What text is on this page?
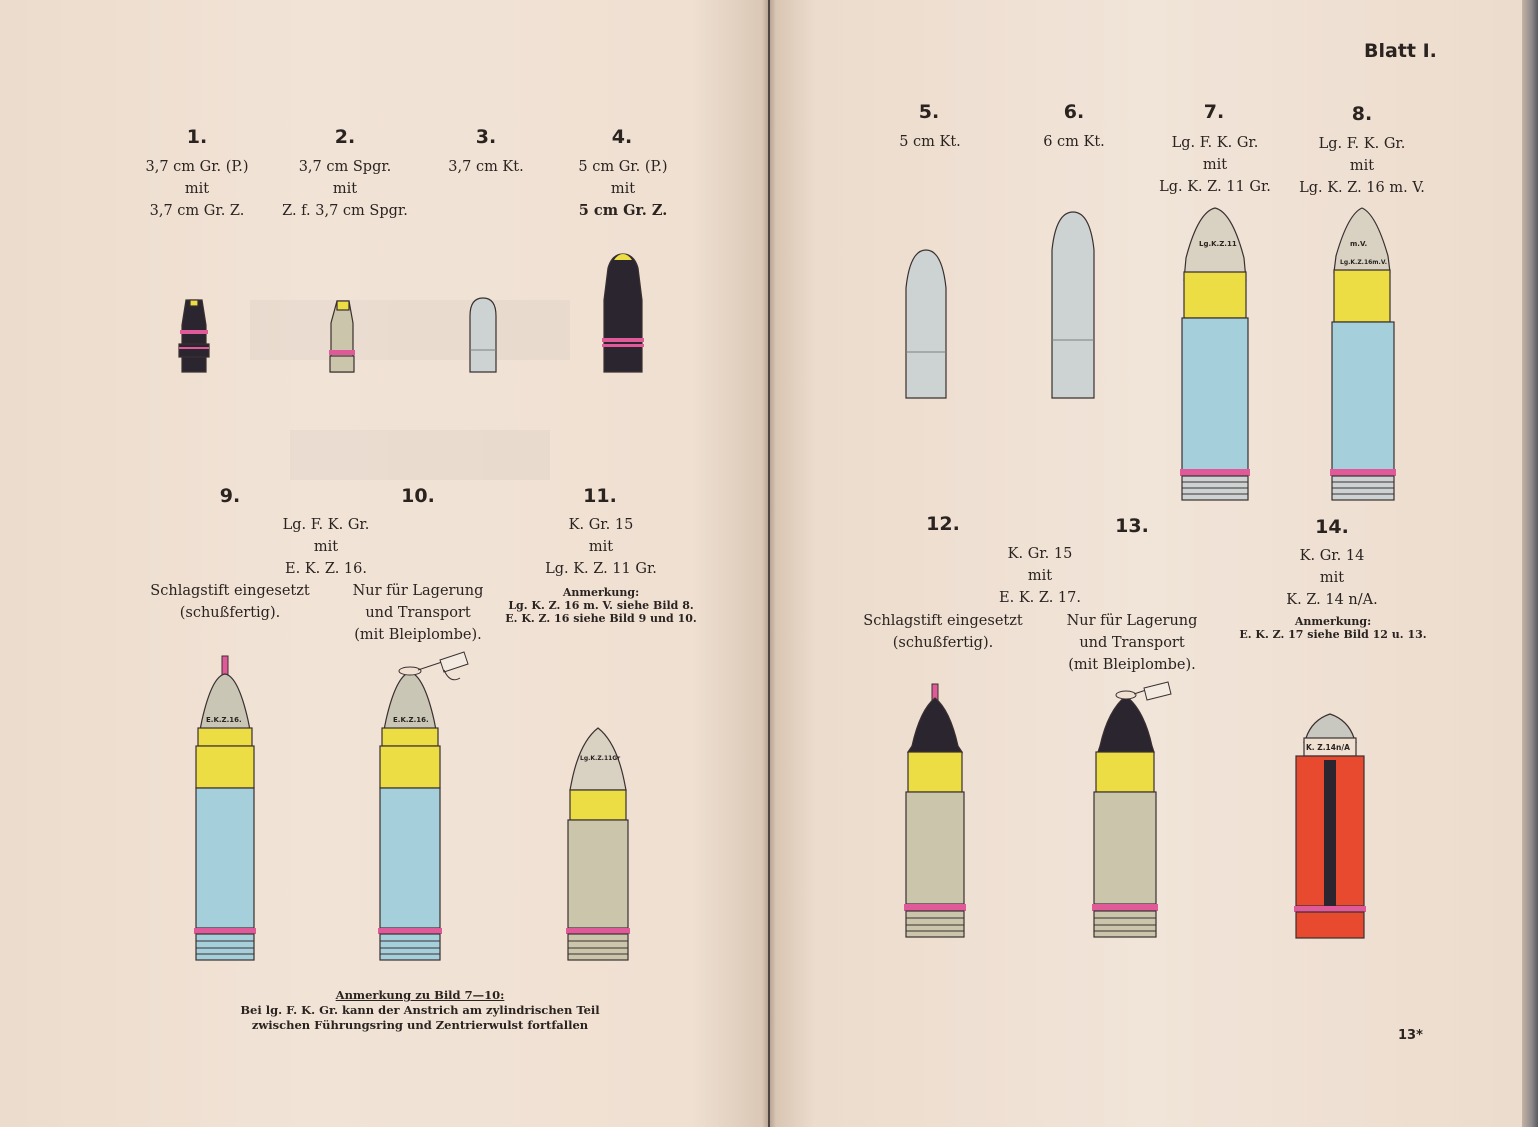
Blatt I.
13*
1.	2.	3.	4.
5.	6.	7.	8.
9.	10.	11.
12.	13.	14.
3,7 cm Gr. (P.)
mit
3,7 cm Gr. Z.
3,7 cm Spgr.
mit
Z. f. 3,7 cm Spgr.
3,7 cm Kt.	5 cm Gr. (P.)
mit
5 cm Gr. Z.
5 cm Kt.	6 cm Kt.	Lg. F. K. Gr.
mit
Lg. K. Z. 11 Gr.
Lg. F. K. Gr.
mit
Lg. K. Z. 16 m. V.
Lg. F. K. Gr.
mit
E. K. Z. 16.
Schlagstift eingesetzt
(schußfertig).
Nur für Lagerung
und Transport
(mit Bleiplombe).
K. Gr. 15
mit
Lg. K. Z. 11 Gr.
Anmerkung:
Lg. K. Z. 16 m. V. siehe Bild 8.
E. K. Z. 16 siehe Bild 9 und 10.
K. Gr. 15
mit
E. K. Z. 17.
Schlagstift eingesetzt
(schußfertig).
Nur für Lagerung
und Transport
(mit Bleiplombe).
K. Gr. 14
mit
K. Z. 14 n/A.
Anmerkung:
E. K. Z. 17 siehe Bild 12 u. 13.
Anmerkung zu Bild 7—10:
Bei lg. F. K. Gr. kann der Anstrich am zylindrischen Teil
zwischen Führungsring und Zentrierwulst fortfallen
Lg.K.Z.11	m.V.
Lg.K.Z.16m.V.
E.K.Z.16.	E.K.Z.16.
Lg.K.Z.11Gr
K. Z.14n/A
